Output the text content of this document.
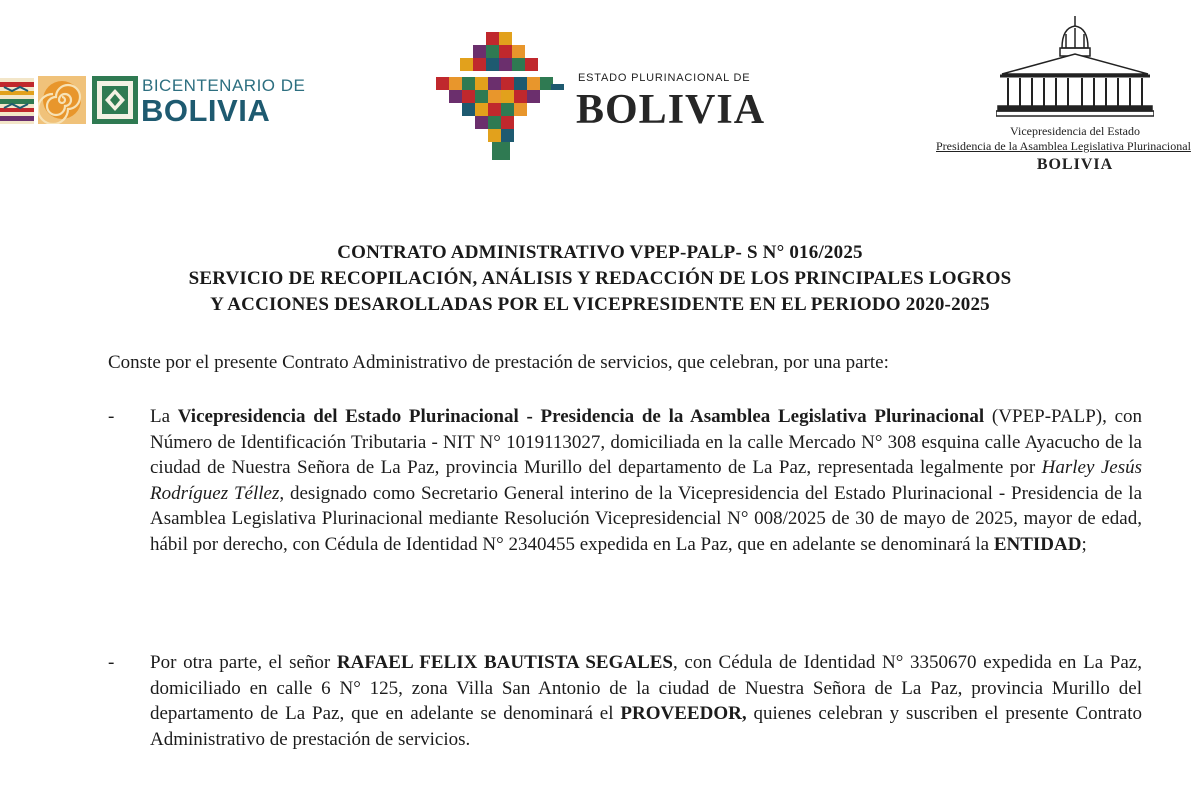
BICENTENARIO DE
BOLIVIA
ESTADO PLURINACIONAL DE
BOLIVIA	Vicepresidencia del Estado
Presidencia de la Asamblea Legislativa Plurinacional
BOLIVIA
CONTRATO ADMINISTRATIVO VPEP-PALP- S N° 016/2025
SERVICIO DE RECOPILACIÓN, ANÁLISIS Y REDACCIÓN DE LOS PRINCIPALES LOGROS
Y ACCIONES DESAROLLADAS POR EL VICEPRESIDENTE EN EL PERIODO 2020-2025
Conste por el presente Contrato Administrativo de prestación de servicios, que celebran, por una parte:
- La Vicepresidencia del Estado Plurinacional - Presidencia de la Asamblea Legislativa Plurinacional (VPEP-PALP), con Número de Identificación Tributaria - NIT N° 1019113027, domiciliada en la calle Mercado N° 308 esquina calle Ayacucho de la ciudad de Nuestra Señora de La Paz, provincia Murillo del departamento de La Paz, representada legalmente por Harley Jesús Rodríguez Téllez, designado como Secretario General interino de la Vicepresidencia del Estado Plurinacional - Presidencia de la Asamblea Legislativa Plurinacional mediante Resolución Vicepresidencial N° 008/2025 de 30 de mayo de 2025, mayor de edad, hábil por derecho, con Cédula de Identidad N° 2340455 expedida en La Paz, que en adelante se denominará la ENTIDAD;
- Por otra parte, el señor RAFAEL FELIX BAUTISTA SEGALES, con Cédula de Identidad N° 3350670 expedida en La Paz, domiciliado en calle 6 N° 125, zona Villa San Antonio de la ciudad de Nuestra Señora de La Paz, provincia Murillo del departamento de La Paz, que en adelante se denominará el PROVEEDOR, quienes celebran y suscriben el presente Contrato Administrativo de prestación de servicios.
